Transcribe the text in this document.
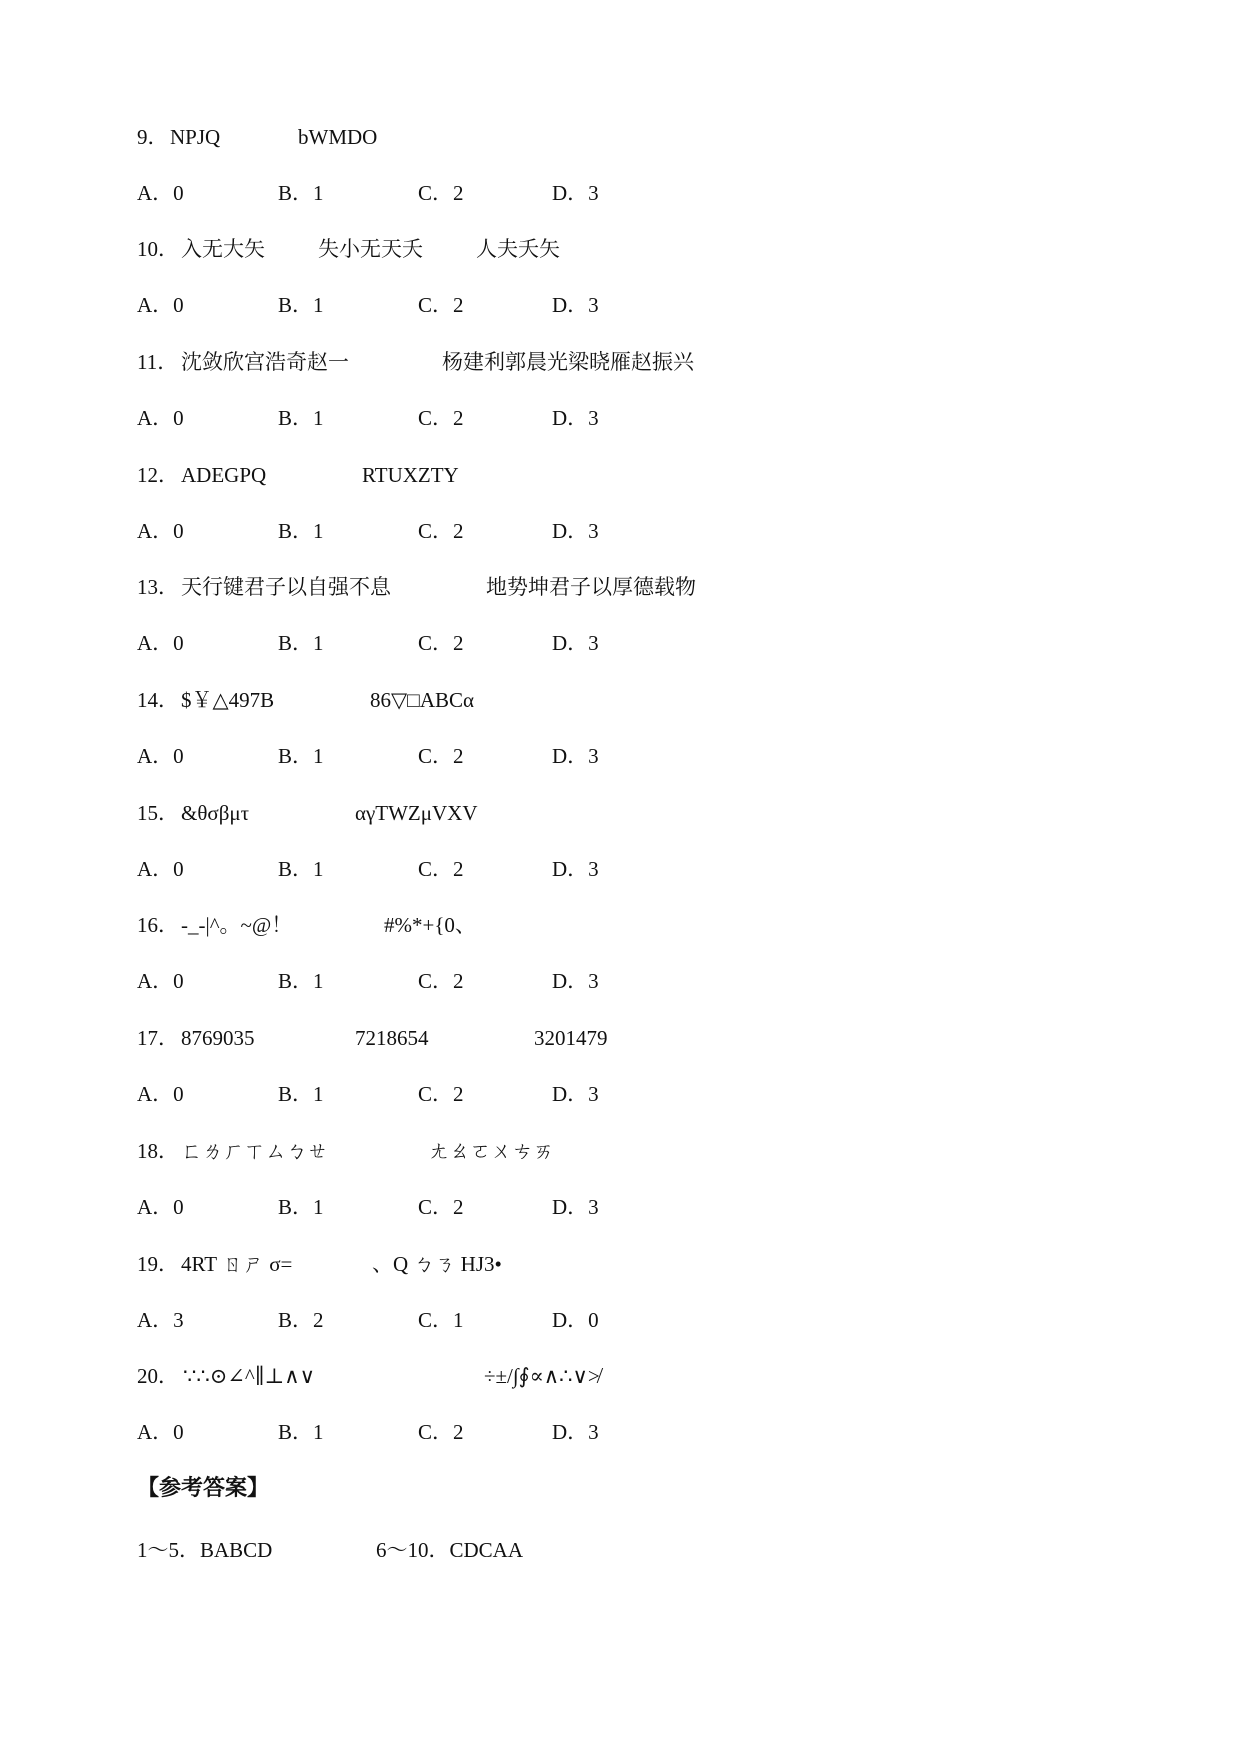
9． NPJQ	bWMDO
A．0	B．1	C．2	D．3
10． 入无大矢	失小无天夭	人夫夭矢
A．0	B．1	C．2	D．3
11． 沈敛欣宫浩奇赵一	杨建利郭晨光梁晓雁赵振兴
A．0	B．1	C．2	D．3
12． ADEGPQ	RTUXZTY
A．0	B．1	C．2	D．3
13． 天行键君子以自强不息	地势坤君子以厚德载物
A．0	B．1	C．2	D．3
14． $￥△497B	86▽□ABCα
A．0	B．1	C．2	D．3
15． &θσβμτ	αγTWZμVXV
A．0	B．1	C．2	D．3
16． -_-|^。~@！	#%*+{0、
A．0	B．1	C．2	D．3
17． 8769035	7218654	3201479
A．0	B．1	C．2	D．3
18． ㄈㄌㄏㄒㄙㄅㄝ	ㄤㄠㄛㄨㄘㄞ
A．0	B．1	C．2	D．3
19． 4RT ㄖㄕ σ=	、Q ㄅㄋ HJ3•
A．3	B．2	C．1	D．0
20． ∵∴⊙∠^∥⊥∧∨	÷±/∫∮∝∧∴∨≯
A．0	B．1	C．2	D．3
【参考答案】
1～5．BABCD	6～10．CDCAA
